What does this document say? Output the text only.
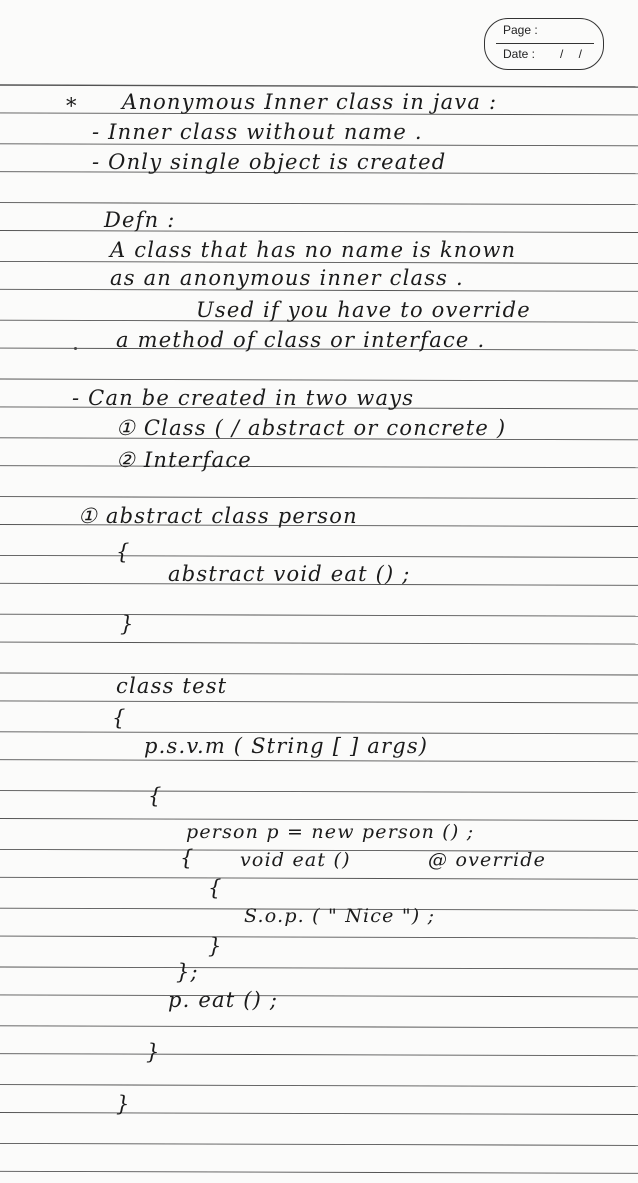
Page :
Date : / /
* Anonymous Inner class in java :
- Inner class without name .
- Only single object is created
Defn :
A class that has no name is known
as an anonymous inner class .
Used if you have to override
a method of class or interface .
- Can be created in two ways
① Class ( / abstract or concrete )
② Interface
① abstract class person
{
abstract void eat () ;
}
class test
{
p.s.v.m ( String [ ] args)
{
person p = new person () ;
{ void eat ()	@ override
{
S.o.p. ( " Nice ") ;
}
};
p. eat () ;
}
}
